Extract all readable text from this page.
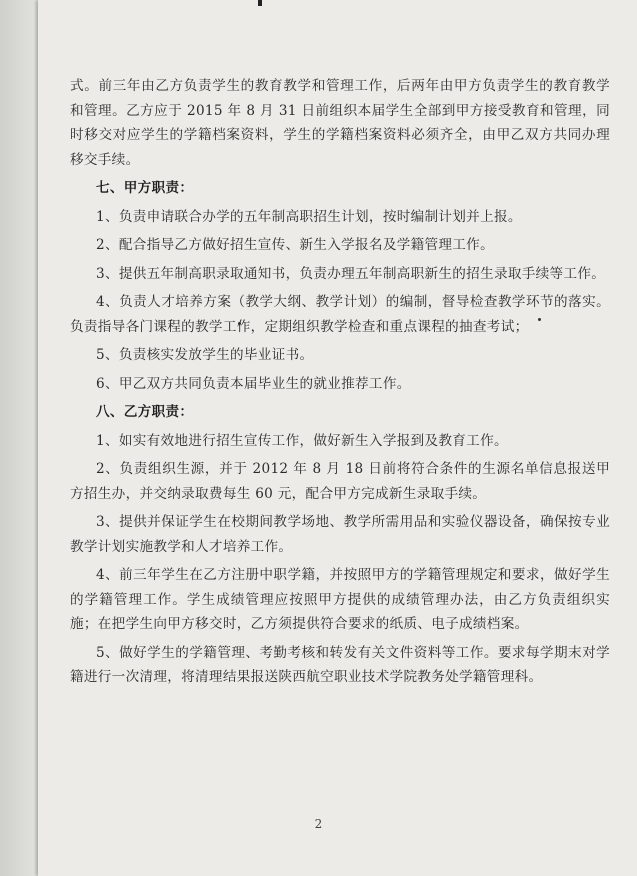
式。前三年由乙方负责学生的教育教学和管理工作，后两年由甲方负责学生的教育教学和管理。乙方应于 2015 年 8 月 31 日前组织本届学生全部到甲方接受教育和管理，同时移交对应学生的学籍档案资料，学生的学籍档案资料必须齐全，由甲乙双方共同办理移交手续。

七、甲方职责：

1、负责申请联合办学的五年制高职招生计划，按时编制计划并上报。

2、配合指导乙方做好招生宣传、新生入学报名及学籍管理工作。

3、提供五年制高职录取通知书，负责办理五年制高职新生的招生录取手续等工作。

4、负责人才培养方案（教学大纲、教学计划）的编制，督导检查教学环节的落实。负责指导各门课程的教学工作，定期组织教学检查和重点课程的抽查考试；

5、负责核实发放学生的毕业证书。

6、甲乙双方共同负责本届毕业生的就业推荐工作。

八、乙方职责：

1、如实有效地进行招生宣传工作，做好新生入学报到及教育工作。

2、负责组织生源，并于 2012 年 8 月 18 日前将符合条件的生源名单信息报送甲方招生办，并交纳录取费每生 60 元，配合甲方完成新生录取手续。

3、提供并保证学生在校期间教学场地、教学所需用品和实验仪器设备，确保按专业教学计划实施教学和人才培养工作。

4、前三年学生在乙方注册中职学籍，并按照甲方的学籍管理规定和要求，做好学生的学籍管理工作。学生成绩管理应按照甲方提供的成绩管理办法，由乙方负责组织实施；在把学生向甲方移交时，乙方须提供符合要求的纸质、电子成绩档案。

5、做好学生的学籍管理、考勤考核和转发有关文件资料等工作。要求每学期末对学籍进行一次清理，将清理结果报送陕西航空职业技术学院教务处学籍管理科。

2
